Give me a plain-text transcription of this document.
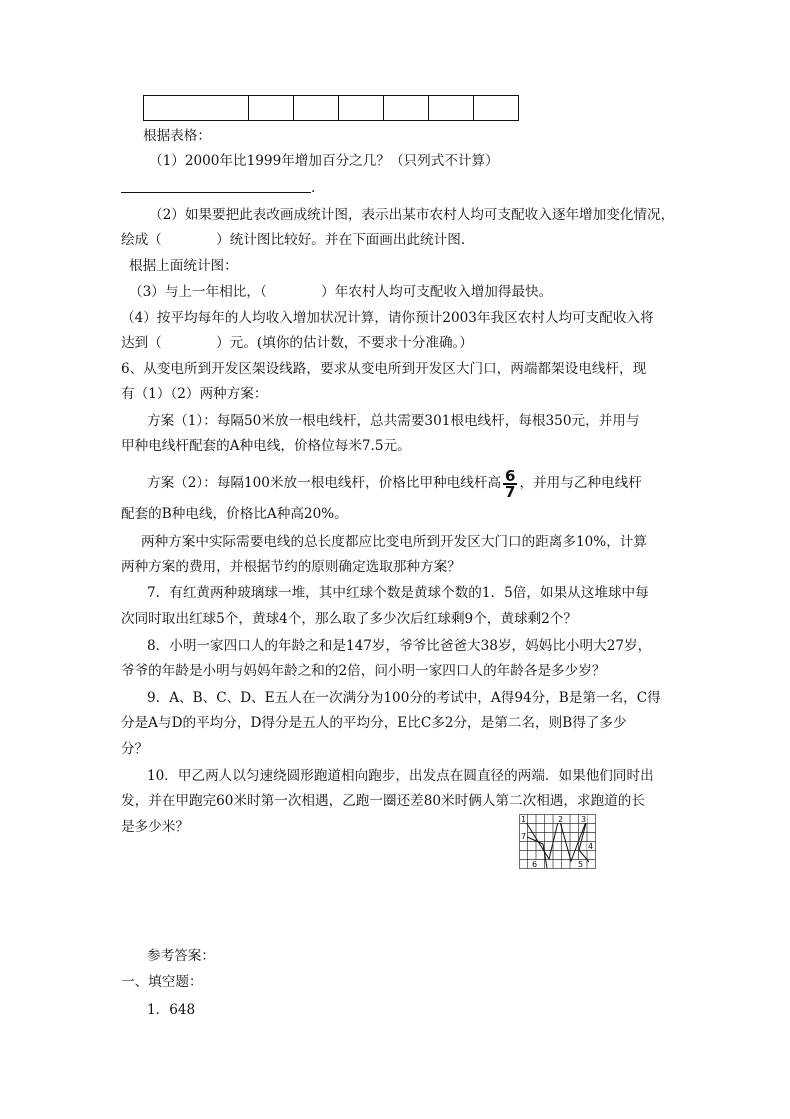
根据表格：
（1）2000年比1999年增加百分之几？（只列式不计算）
.
（2）如果要把此表改画成统计图，表示出某市农村人均可支配收入逐年增加变化情况，
绘成（　　　　）统计图比较好。并在下面画出此统计图.
根据上面统计图：
（3）与上一年相比，（　　　　）年农村人均可支配收入增加得最快。
（4）按平均每年的人均收入增加状况计算，请你预计2003年我区农村人均可支配收入将
达到（　　　　）元。(填你的估计数，不要求十分准确。）
6、从变电所到开发区架设线路，要求从变电所到开发区大门口，两端都架设电线杆，现
有（1）（2）两种方案：
方案（1）：每隔50米放一根电线杆，总共需要301根电线杆，每根350元，并用与
甲种电线杆配套的A种电线，价格位每米7.5元。
方案（2）：每隔100米放一根电线杆，价格比甲种电线杆高 $\frac{6}{7}$ ，并用与乙种电线杆
配套的B种电线，价格比A种高20%。
两种方案中实际需要电线的总长度都应比变电所到开发区大门口的距离多10%，计算
两种方案的费用，并根据节约的原则确定选取那种方案？
7．有红黄两种玻璃球一堆，其中红球个数是黄球个数的1．5倍，如果从这堆球中每
次同时取出红球5个，黄球4个，那么取了多少次后红球剩9个，黄球剩2个？
8．小明一家四口人的年龄之和是147岁，爷爷比爸爸大38岁，妈妈比小明大27岁，
爷爷的年龄是小明与妈妈年龄之和的2倍，问小明一家四口人的年龄各是多少岁？
9．A、B、C、D、E五人在一次满分为100分的考试中，A得94分，B是第一名，C得
分是A与D的平均分，D得分是五人的平均分，E比C多2分，是第二名，则B得了多少
分？
10．甲乙两人以匀速绕圆形跑道相向跑步，出发点在圆直径的两端．如果他们同时出
发，并在甲跑完60米时第一次相遇，乙跑一圈还差80米时俩人第二次相遇，求跑道的长
是多少米？	1	2 3
4
5
6
7
参考答案：
一、填空题：
1．648
